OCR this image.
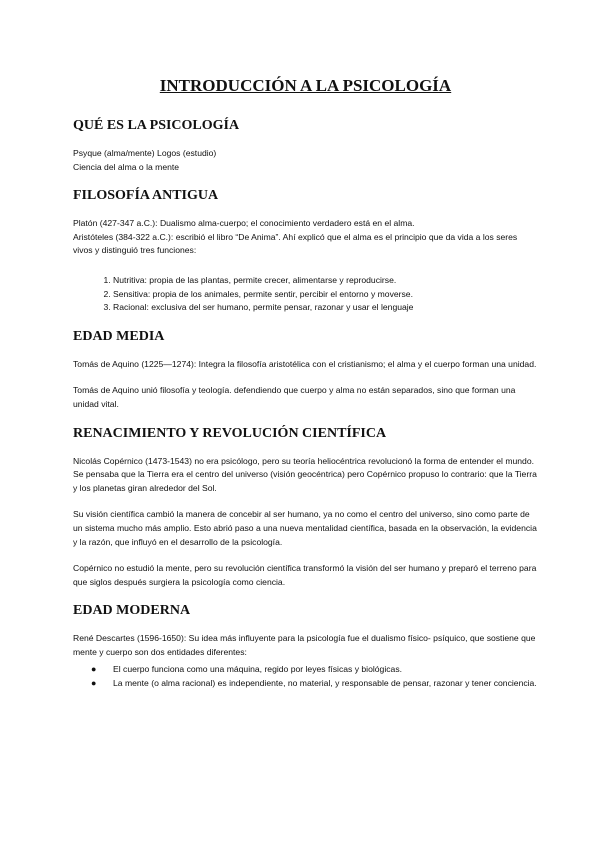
INTRODUCCIÓN A LA PSICOLOGÍA
QUÉ ES LA PSICOLOGÍA

Psyque (alma/mente) Logos (estudio)
Ciencia del alma o la mente

FILOSOFÍA ANTIGUA

Platón (427-347 a.C.): Dualismo alma-cuerpo; el conocimiento verdadero está en el alma.
Aristóteles (384-322 a.C.): escribió el libro “De Anima”. Ahí explicó que el alma es el principio que da vida a los seres
vivos y distinguió tres funciones:

1. Nutritiva: propia de las plantas, permite crecer, alimentarse y reproducirse.
2. Sensitiva: propia de los animales, permite sentir, percibir el entorno y moverse.
3. Racional: exclusiva del ser humano, permite pensar, razonar y usar el lenguaje
EDAD MEDIA

Tomás de Aquino (1225—1274): Integra la filosofía aristotélica con el cristianismo; el alma y el cuerpo forman una unidad.

Tomás de Aquino unió filosofía y teología. defendiendo que cuerpo y alma no están separados, sino que forman una unidad vital.

RENACIMIENTO Y REVOLUCIÓN CIENTÍFICA

Nicolás Copérnico (1473-1543) no era psicólogo, pero su teoría heliocéntrica revolucionó la forma de entender el mundo. Se pensaba que la Tierra era el centro del universo (visión geocéntrica) pero Copérnico propuso lo contrario: que la Tierra y los planetas giran alrededor del Sol.

Su visión científica cambió la manera de concebir al ser humano, ya no como el centro del universo, sino como parte de un sistema mucho más amplio. Esto abrió paso a una nueva mentalidad científica, basada en la observación, la evidencia y la razón, que influyó en el desarrollo de la psicología.

Copérnico no estudió la mente, pero su revolución científica transformó la visión del ser humano y preparó el terreno para que siglos después surgiera la psicología como ciencia.

EDAD MODERNA

René Descartes (1596-1650): Su idea más influyente para la psicología fue el dualismo físico- psíquico, que sostiene que mente y cuerpo son dos entidades diferentes:

● El cuerpo funciona como una máquina, regido por leyes físicas y biológicas.
● La mente (o alma racional) es independiente, no material, y responsable de pensar, razonar y tener conciencia.
